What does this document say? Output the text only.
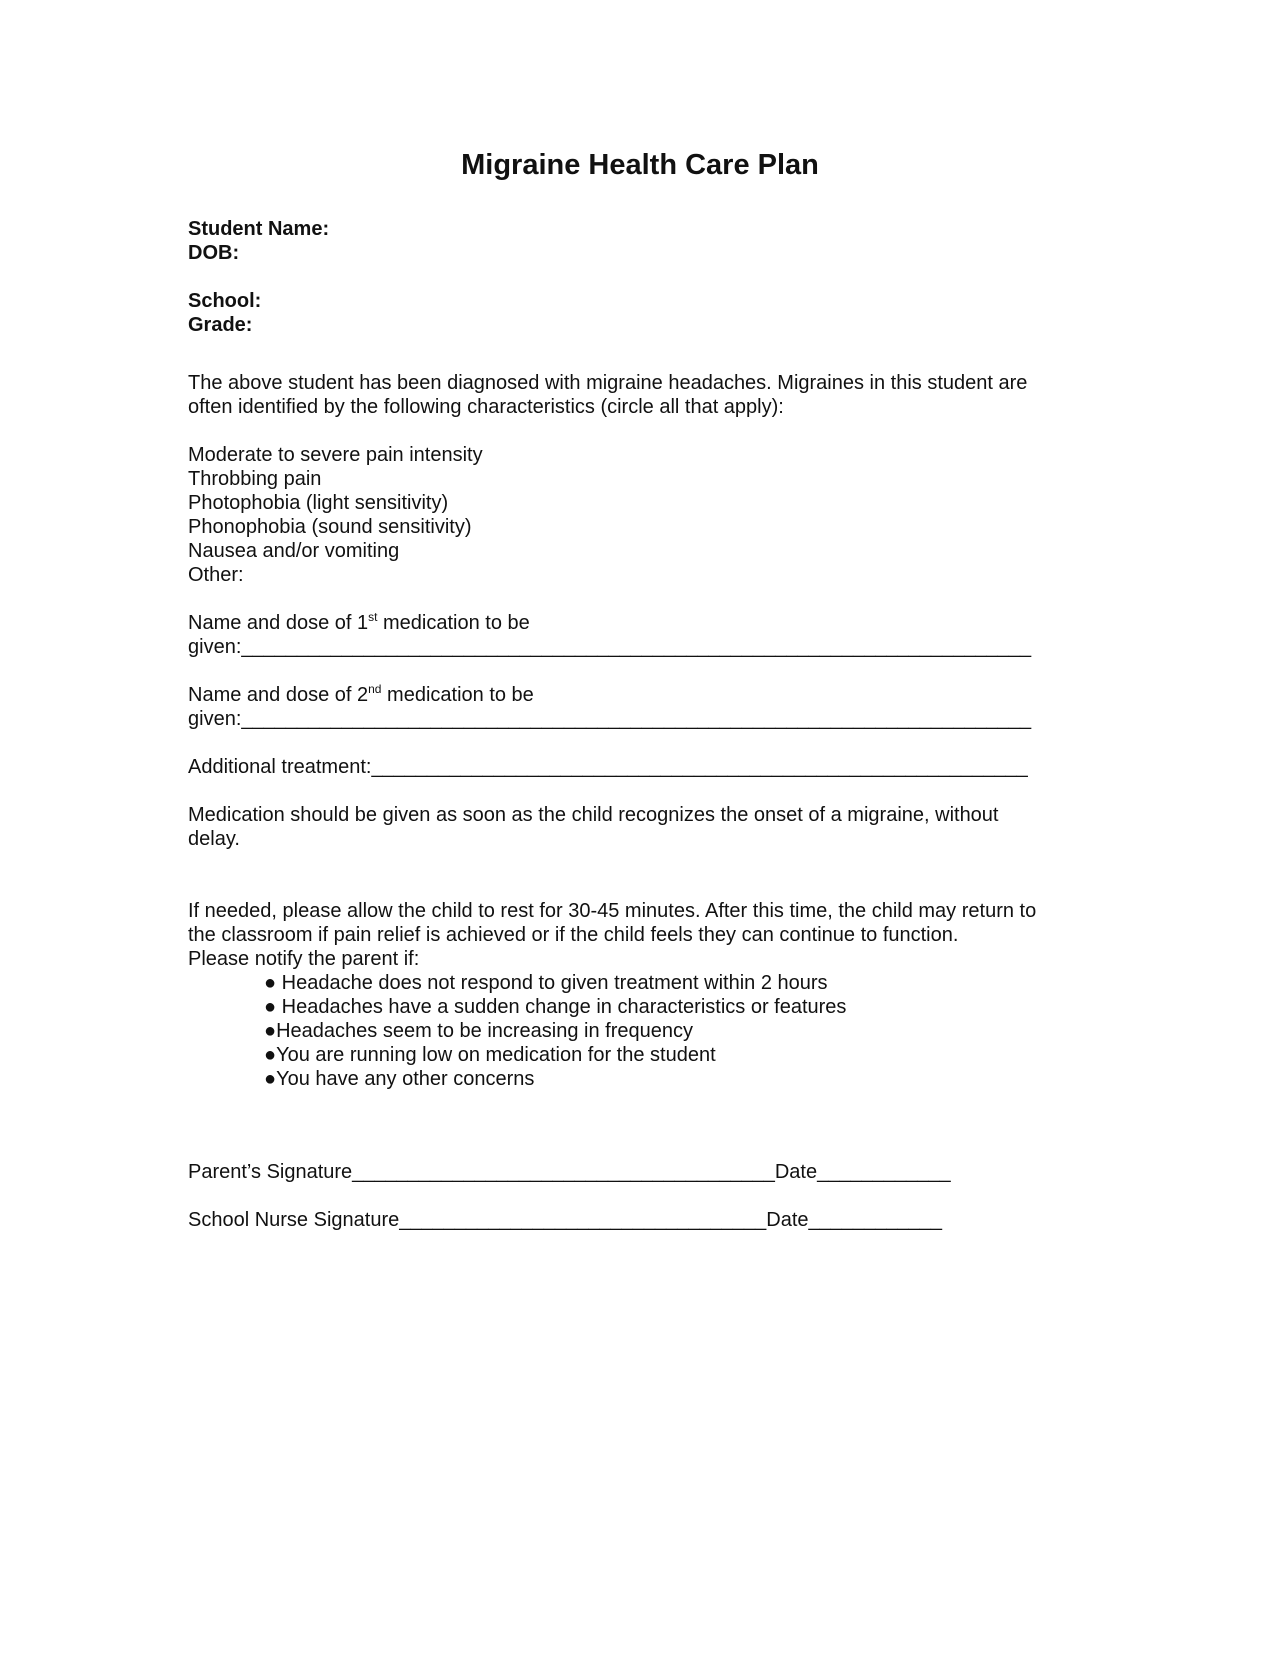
Migraine Health Care Plan
Student Name:
DOB:
School:
Grade:
The above student has been diagnosed with migraine headaches. Migraines in this student are
often identified by the following characteristics (circle all that apply):
Moderate to severe pain intensity
Throbbing pain
Photophobia (light sensitivity)
Phonophobia (sound sensitivity)
Nausea and/or vomiting
Other:
Name and dose of 1st medication to be
given:_______________________________________________________________________
Name and dose of 2nd medication to be
given:_______________________________________________________________________
Additional treatment:___________________________________________________________
Medication should be given as soon as the child recognizes the onset of a migraine, without
delay.
If needed, please allow the child to rest for 30-45 minutes. After this time, the child may return to
the classroom if pain relief is achieved or if the child feels they can continue to function.
Please notify the parent if:
● Headache does not respond to given treatment within 2 hours
● Headaches have a sudden change in characteristics or features
●Headaches seem to be increasing in frequency
●You are running low on medication for the student
●You have any other concerns
Parent’s Signature______________________________________Date____________
School Nurse Signature_________________________________Date____________
